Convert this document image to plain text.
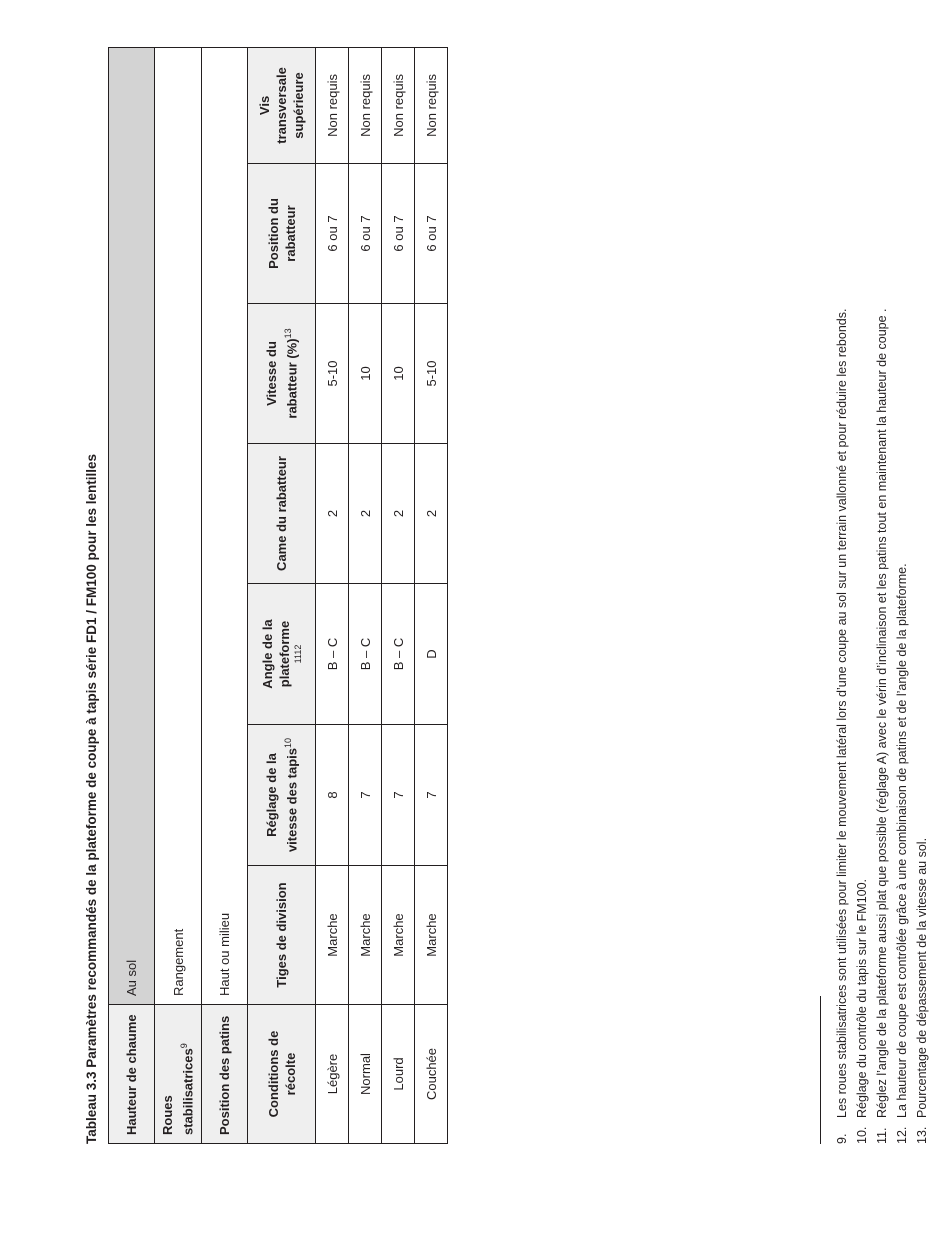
Tableau 3.3 Paramètres recommandés de la plateforme de coupe à tapis série FD1 / FM100 pour les lentilles Hauteur de chaume	Au sol						
Roues stabilisatrices$^9$	Rangement						
Position des patins	Haut ou milieu						
Conditions de récolte	Tiges de division	Réglage de la vitesse des tapis$^{10}$	Angle de la plateforme 1112	Came du rabatteur	Vitesse du rabatteur (%)$^{13}$	Position du rabatteur	Vis transversale supérieure
Légère	Marche	8	B – C	2	5-10	6 ou 7	Non requis
Normal	Marche	7	B – C	2	10	6 ou 7	Non requis
Lourd	Marche	7	B – C	2	10	6 ou 7	Non requis
Couchée	Marche	7	D	2	5-10	6 ou 7	Non requis
9.Les roues stabilisatrices sont utilisées pour limiter le mouvement latéral lors d’une coupe au sol sur un terrain vallonné et pour réduire les rebonds.
10.Réglage du contrôle du tapis sur le FM100.
11.Réglez l’angle de la plateforme aussi plat que possible (réglage A) avec le vérin d’inclinaison et les patins tout en maintenant la hauteur de coupe .
12.La hauteur de coupe est contrôlée grâce à une combinaison de patins et de l’angle de la plateforme.
13.Pourcentage de dépassement de la vitesse au sol.
